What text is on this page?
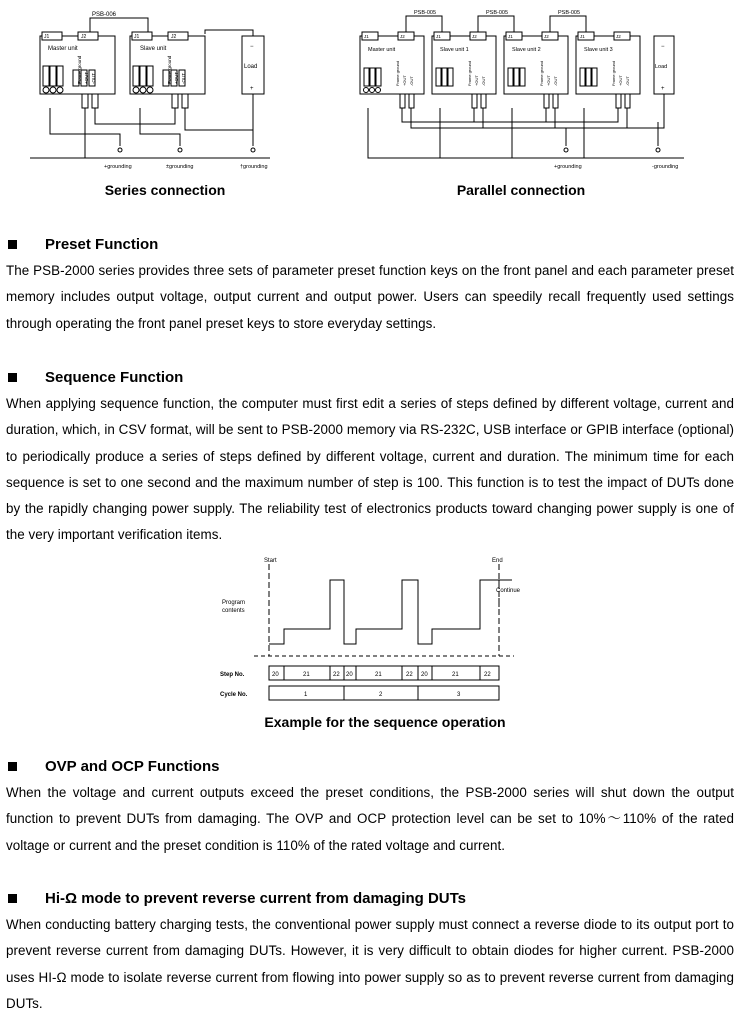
PSB-006
J1	J2	J1	J2
Master unit	Slave unit
Frame ground +OUT -OUT	Frame ground +OUT -OUT
−
Load
+
+grounding	±grounding	†grounding
Series connection
PSB-005	PSB-005	PSB-005
J1	J2	J1	J2	J1	J2	J1	J2
Master unit	Slave unit 1	Slave unit 2	Slave unit 3
Frame ground +OUT -OUT	Frame ground +OUT -OUT	Frame ground +OUT -OUT	Frame ground +OUT -OUT
−
Load
+
+grounding	-grounding
Parallel connection
Preset Function
The PSB-2000 series provides three sets of parameter preset function keys on the front panel and each parameter preset memory includes output voltage, output current and output power. Users can speedily recall frequently used settings through operating the front panel preset keys to store everyday settings.
Sequence Function
When applying sequence function, the computer must first edit a series of steps defined by different voltage, current and duration, which, in CSV format, will be sent to PSB-2000 memory via RS-232C, USB interface or GPIB interface (optional) to periodically produce a series of steps defined by different voltage, current and duration. The minimum time for each sequence is set to one second and the maximum number of step is 100. This function is to test the impact of DUTs done by the rapidly changing power supply. The reliability test of electronics products toward changing power supply is one of the very important verification items.
Start	End
Continue
Program
contents
Step No.
Cycle No.
20	21	22 20	21	22 20	21	22
1	2	3
Example for the sequence operation
OVP and OCP Functions
When the voltage and current outputs exceed the preset conditions, the PSB-2000 series will shut down the output function to prevent DUTs from damaging. The OVP and OCP protection level can be set to 10%～110% of the rated voltage or current and the preset condition is 110% of the rated voltage and current.
Hi-Ω mode to prevent reverse current from damaging DUTs
When conducting battery charging tests, the conventional power supply must connect a reverse diode to its output port to prevent reverse current from damaging DUTs. However, it is very difficult to obtain diodes for higher current. PSB-2000 uses HI-Ω mode to isolate reverse current from flowing into power supply so as to prevent reverse current from damaging DUTs.
